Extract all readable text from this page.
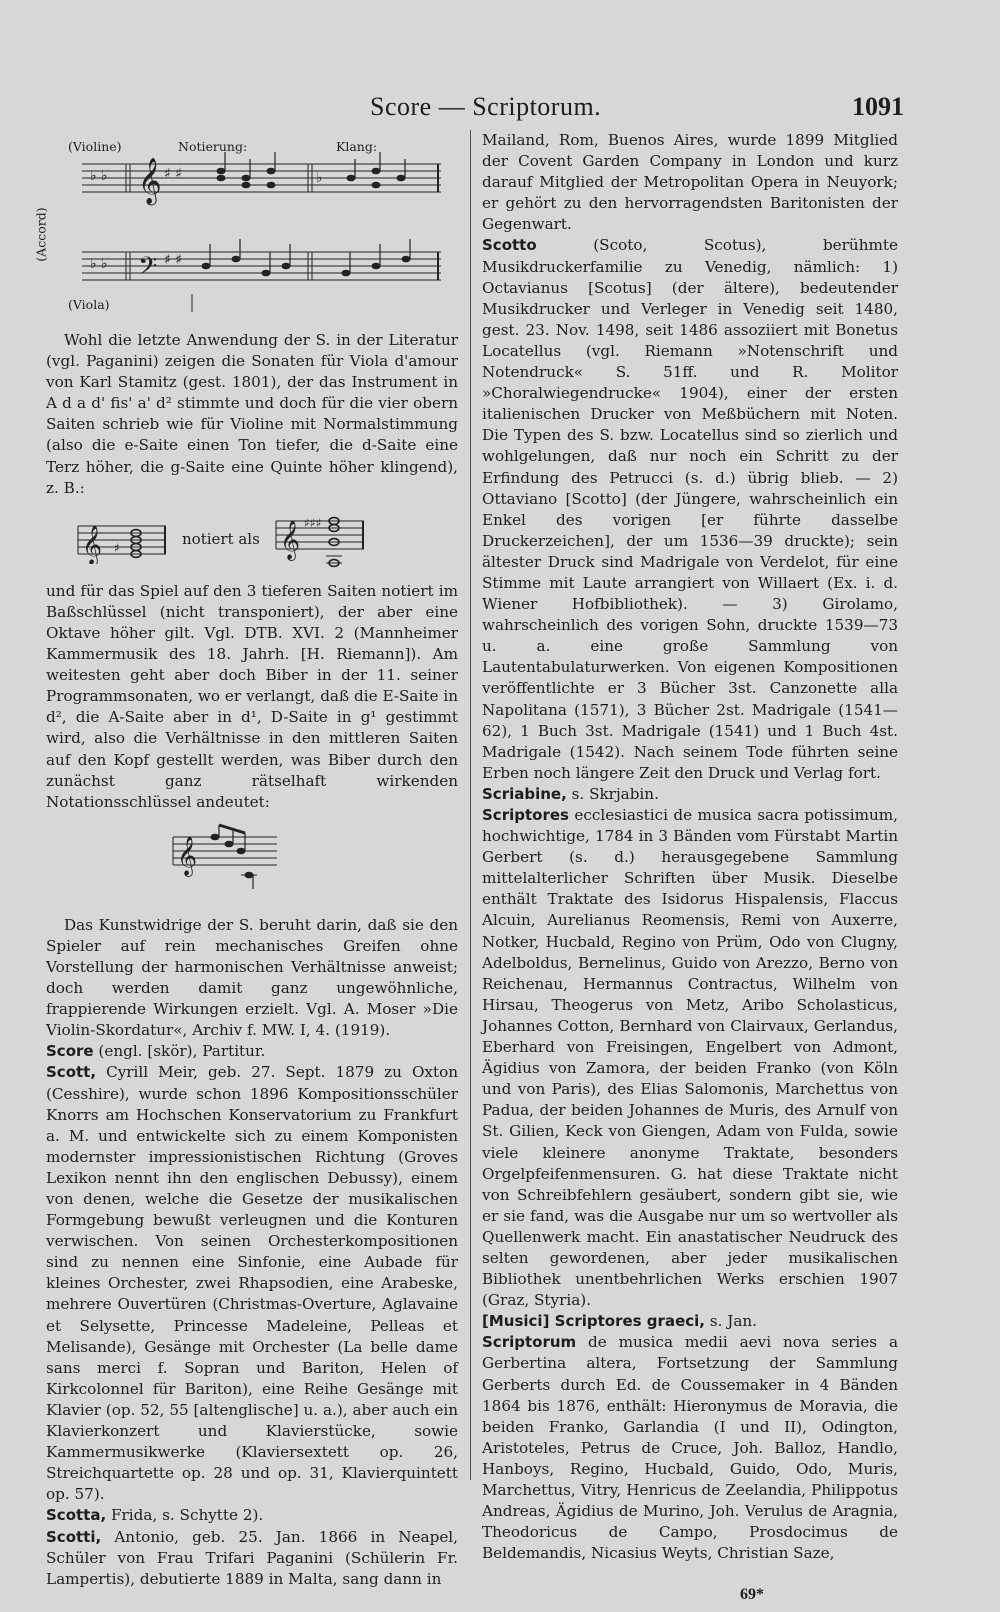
Score — Scriptorum.	1091
𝄞
𝄢
♭ ♭
♭ ♭
♯ ♯
♯ ♯
♭
(Violine)	Notierung:	Klang:
(Accord)
(Viola)

Wohl die letzte Anwendung der S. in der Literatur (vgl. Paganini) zeigen die Sonaten für Viola d'amour von Karl Stamitz (gest. 1801), der das Instrument in A d a d' fis' a' d² stimmte und doch für die vier obern Saiten schrieb wie für Violine mit Normalstimmung (also die e-Saite einen Ton tiefer, die d-Saite eine Terz höher, die g-Saite eine Quinte höher klingend), z. B.:

𝄞 ♯	notiert als 𝄞 ♯♯♯

und für das Spiel auf den 3 tieferen Saiten notiert im Baßschlüssel (nicht transponiert), der aber eine Oktave höher gilt. Vgl. DTB. XVI. 2 (Mannheimer Kammermusik des 18. Jahrh. [H. Riemann]). Am weitesten geht aber doch Biber in der 11. seiner Programmsonaten, wo er verlangt, daß die E-Saite in d², die A-Saite aber in d¹, D-Saite in g¹ gestimmt wird, also die Verhältnisse in den mittleren Saiten auf den Kopf gestellt werden, was Biber durch den zunächst ganz rätselhaft wirkenden Notationsschlüssel andeutet:

𝄞

Das Kunstwidrige der S. beruht darin, daß sie den Spieler auf rein mechanisches Greifen ohne Vorstellung der harmonischen Verhältnisse anweist; doch werden damit ganz ungewöhnliche, frappierende Wirkungen erzielt. Vgl. A. Moser »Die Violin-Skordatur«, Archiv f. MW. I, 4. (1919).

Score (engl. [skör), Partitur.

Scott, Cyrill Meir, geb. 27. Sept. 1879 zu Oxton (Cesshire), wurde schon 1896 Kompositionsschüler Knorrs am Hochschen Konservatorium zu Frankfurt a. M. und entwickelte sich zu einem Komponisten modernster impressionistischen Richtung (Groves Lexikon nennt ihn den englischen Debussy), einem von denen, welche die Gesetze der musikalischen Formgebung bewußt verleugnen und die Konturen verwischen. Von seinen Orchesterkompositionen sind zu nennen eine Sinfonie, eine Aubade für kleines Orchester, zwei Rhapsodien, eine Arabeske, mehrere Ouvertüren (Christmas-Overture, Aglavaine et Selysette, Princesse Madeleine, Pelleas et Melisande), Gesänge mit Orchester (La belle dame sans merci f. Sopran und Bariton, Helen of Kirkcolonnel für Bariton), eine Reihe Gesänge mit Klavier (op. 52, 55 [altenglische] u. a.), aber auch ein Klavierkonzert und Klavierstücke, sowie Kammermusikwerke (Klaviersextett op. 26, Streichquartette op. 28 und op. 31, Klavierquintett op. 57).

Scotta, Frida, s. Schytte 2).

Scotti, Antonio, geb. 25. Jan. 1866 in Neapel, Schüler von Frau Trifari Paganini (Schülerin Fr. Lampertis), debutierte 1889 in Malta, sang dann in

Mailand, Rom, Buenos Aires, wurde 1899 Mitglied der Covent Garden Company in London und kurz darauf Mitglied der Metropolitan Opera in Neuyork; er gehört zu den hervorragendsten Baritonisten der Gegenwart.

Scotto (Scoto, Scotus), berühmte Musikdruckerfamilie zu Venedig, nämlich: 1) Octavianus [Scotus] (der ältere), bedeutender Musikdrucker und Verleger in Venedig seit 1480, gest. 23. Nov. 1498, seit 1486 assoziiert mit Bonetus Locatellus (vgl. Riemann »Notenschrift und Notendruck« S. 51ff. und R. Molitor »Choralwiegendrucke« 1904), einer der ersten italienischen Drucker von Meßbüchern mit Noten. Die Typen des S. bzw. Locatellus sind so zierlich und wohlgelungen, daß nur noch ein Schritt zu der Erfindung des Petrucci (s. d.) übrig blieb. — 2) Ottaviano [Scotto] (der Jüngere, wahrscheinlich ein Enkel des vorigen [er führte dasselbe Druckerzeichen], der um 1536—39 druckte); sein ältester Druck sind Madrigale von Verdelot, für eine Stimme mit Laute arrangiert von Willaert (Ex. i. d. Wiener Hofbibliothek). — 3) Girolamo, wahrscheinlich des vorigen Sohn, druckte 1539—73 u. a. eine große Sammlung von Lautentabulaturwerken. Von eigenen Kompositionen veröffentlichte er 3 Bücher 3st. Canzonette alla Napolitana (1571), 3 Bücher 2st. Madrigale (1541—62), 1 Buch 3st. Madrigale (1541) und 1 Buch 4st. Madrigale (1542). Nach seinem Tode führten seine Erben noch längere Zeit den Druck und Verlag fort.

Scriabine, s. Skrjabin.

Scriptores ecclesiastici de musica sacra potissimum, hochwichtige, 1784 in 3 Bänden vom Fürstabt Martin Gerbert (s. d.) herausgegebene Sammlung mittelalterlicher Schriften über Musik. Dieselbe enthält Traktate des Isidorus Hispalensis, Flaccus Alcuin, Aurelianus Reomensis, Remi von Auxerre, Notker, Hucbald, Regino von Prüm, Odo von Clugny, Adelboldus, Bernelinus, Guido von Arezzo, Berno von Reichenau, Hermannus Contractus, Wilhelm von Hirsau, Theogerus von Metz, Aribo Scholasticus, Johannes Cotton, Bernhard von Clairvaux, Gerlandus, Eberhard von Freisingen, Engelbert von Admont, Ägidius von Zamora, der beiden Franko (von Köln und von Paris), des Elias Salomonis, Marchettus von Padua, der beiden Johannes de Muris, des Arnulf von St. Gilien, Keck von Giengen, Adam von Fulda, sowie viele kleinere anonyme Traktate, besonders Orgelpfeifenmensuren. G. hat diese Traktate nicht von Schreibfehlern gesäubert, sondern gibt sie, wie er sie fand, was die Ausgabe nur um so wertvoller als Quellenwerk macht. Ein anastatischer Neudruck des selten gewordenen, aber jeder musikalischen Bibliothek unentbehrlichen Werks erschien 1907 (Graz, Styria).

[Musici] Scriptores graeci, s. Jan.

Scriptorum de musica medii aevi nova series a Gerbertina altera, Fortsetzung der Sammlung Gerberts durch Ed. de Coussemaker in 4 Bänden 1864 bis 1876, enthält: Hieronymus de Moravia, die beiden Franko, Garlandia (I und II), Odington, Aristoteles, Petrus de Cruce, Joh. Balloz, Handlo, Hanboys, Regino, Hucbald, Guido, Odo, Muris, Marchettus, Vitry, Henricus de Zeelandia, Philippotus Andreas, Ägidius de Murino, Joh. Verulus de Aragnia, Theodoricus de Campo, Prosdocimus de Beldemandis, Nicasius Weyts, Christian Saze,

69*
